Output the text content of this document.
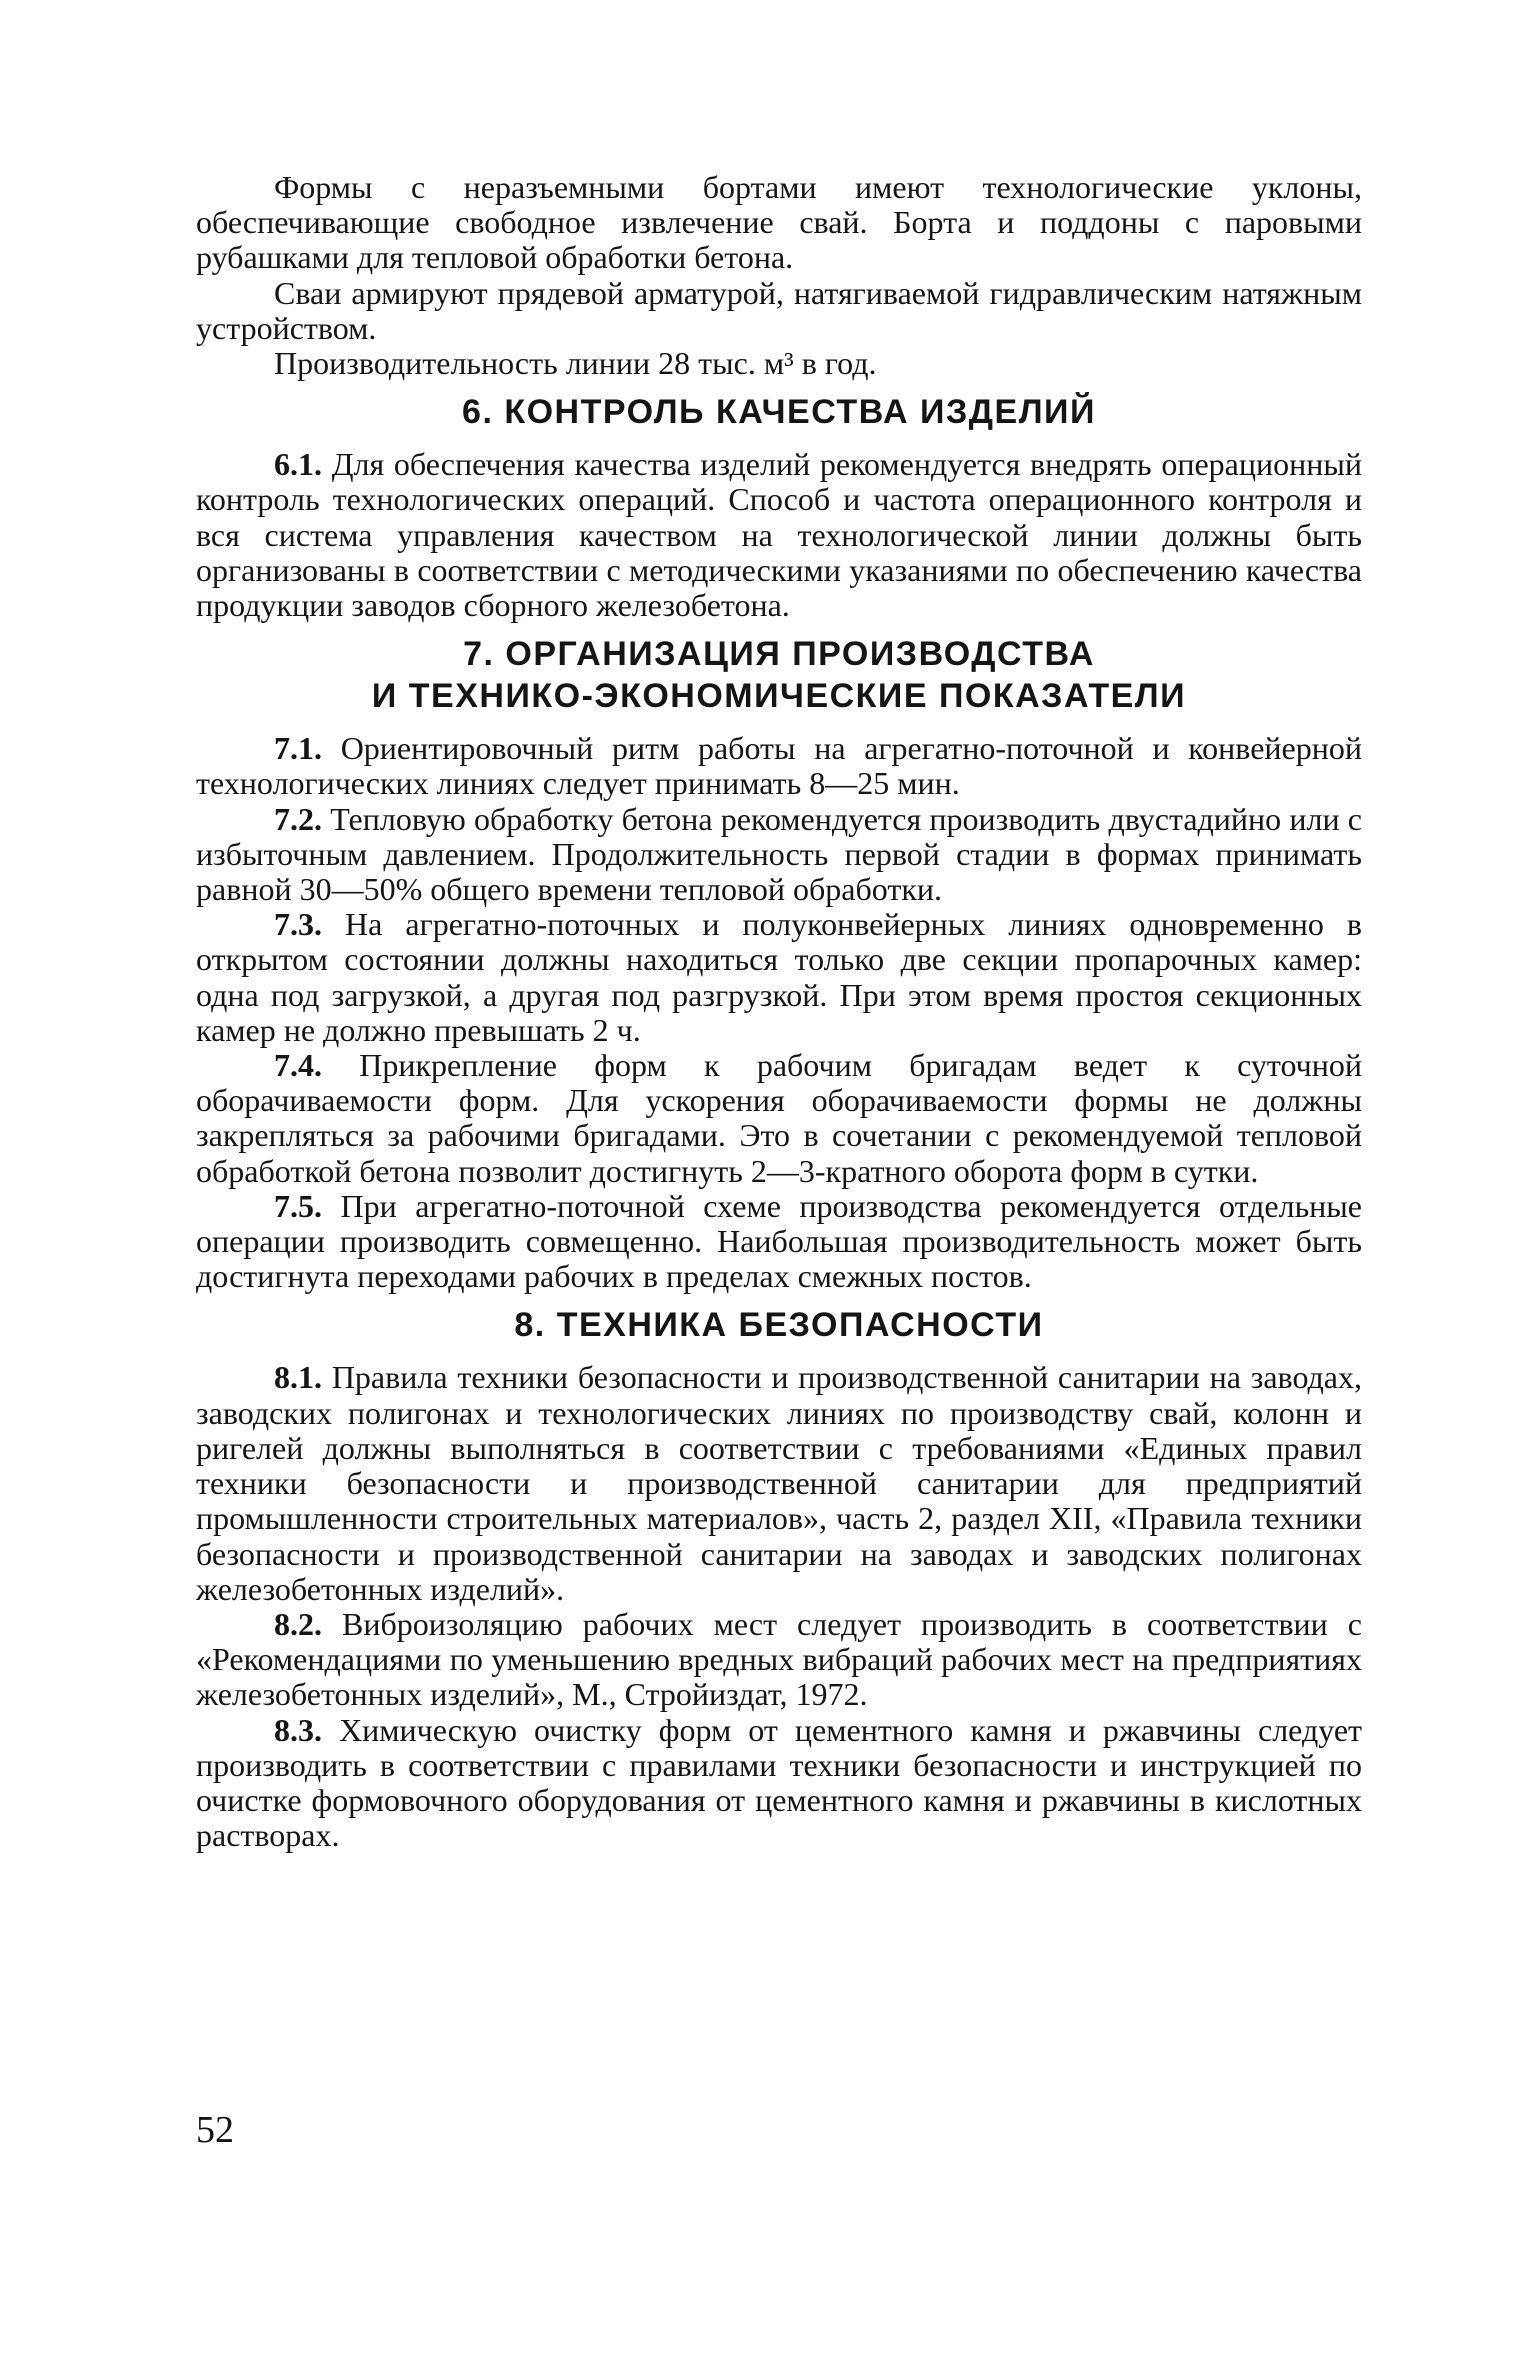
Формы с неразъемными бортами имеют технологические уклоны, обеспечивающие свободное извлечение свай. Борта и поддоны с паровыми рубашками для тепловой обработки бетона.

Сваи армируют прядевой арматурой, натягиваемой гидравлическим натяжным устройством.

Производительность линии 28 тыс. м³ в год.

6. КОНТРОЛЬ КАЧЕСТВА ИЗДЕЛИЙ

6.1. Для обеспечения качества изделий рекомендуется внедрять операционный контроль технологических операций. Способ и частота операционного контроля и вся система управления качеством на технологической линии должны быть организованы в соответствии с методическими указаниями по обеспечению качества продукции заводов сборного железобетона.

7. ОРГАНИЗАЦИЯ ПРОИЗВОДСТВА
И ТЕХНИКО-ЭКОНОМИЧЕСКИЕ ПОКАЗАТЕЛИ

7.1. Ориентировочный ритм работы на агрегатно-поточной и конвейерной технологических линиях следует принимать 8—25 мин.

7.2. Тепловую обработку бетона рекомендуется производить двустадийно или с избыточным давлением. Продолжительность первой стадии в формах принимать равной 30—50% общего времени тепловой обработки.

7.3. На агрегатно-поточных и полуконвейерных линиях одновременно в открытом состоянии должны находиться только две секции пропарочных камер: одна под загрузкой, а другая под разгрузкой. При этом время простоя секционных камер не должно превышать 2 ч.

7.4. Прикрепление форм к рабочим бригадам ведет к суточной оборачиваемости форм. Для ускорения оборачиваемости формы не должны закрепляться за рабочими бригадами. Это в сочетании с рекомендуемой тепловой обработкой бетона позволит достигнуть 2—3-кратного оборота форм в сутки.

7.5. При агрегатно-поточной схеме производства рекомендуется отдельные операции производить совмещенно. Наибольшая производительность может быть достигнута переходами рабочих в пределах смежных постов.

8. ТЕХНИКА БЕЗОПАСНОСТИ

8.1. Правила техники безопасности и производственной санитарии на заводах, заводских полигонах и технологических линиях по производству свай, колонн и ригелей должны выполняться в соответствии с требованиями «Единых правил техники безопасности и производственной санитарии для предприятий промышленности строительных материалов», часть 2, раздел XII, «Правила техники безопасности и производственной санитарии на заводах и заводских полигонах железобетонных изделий».

8.2. Виброизоляцию рабочих мест следует производить в соответствии с «Рекомендациями по уменьшению вредных вибраций рабочих мест на предприятиях железобетонных изделий», М., Стройиздат, 1972.

8.3. Химическую очистку форм от цементного камня и ржавчины следует производить в соответствии с правилами техники безопасности и инструкцией по очистке формовочного оборудования от цементного камня и ржавчины в кислотных растворах.

52
